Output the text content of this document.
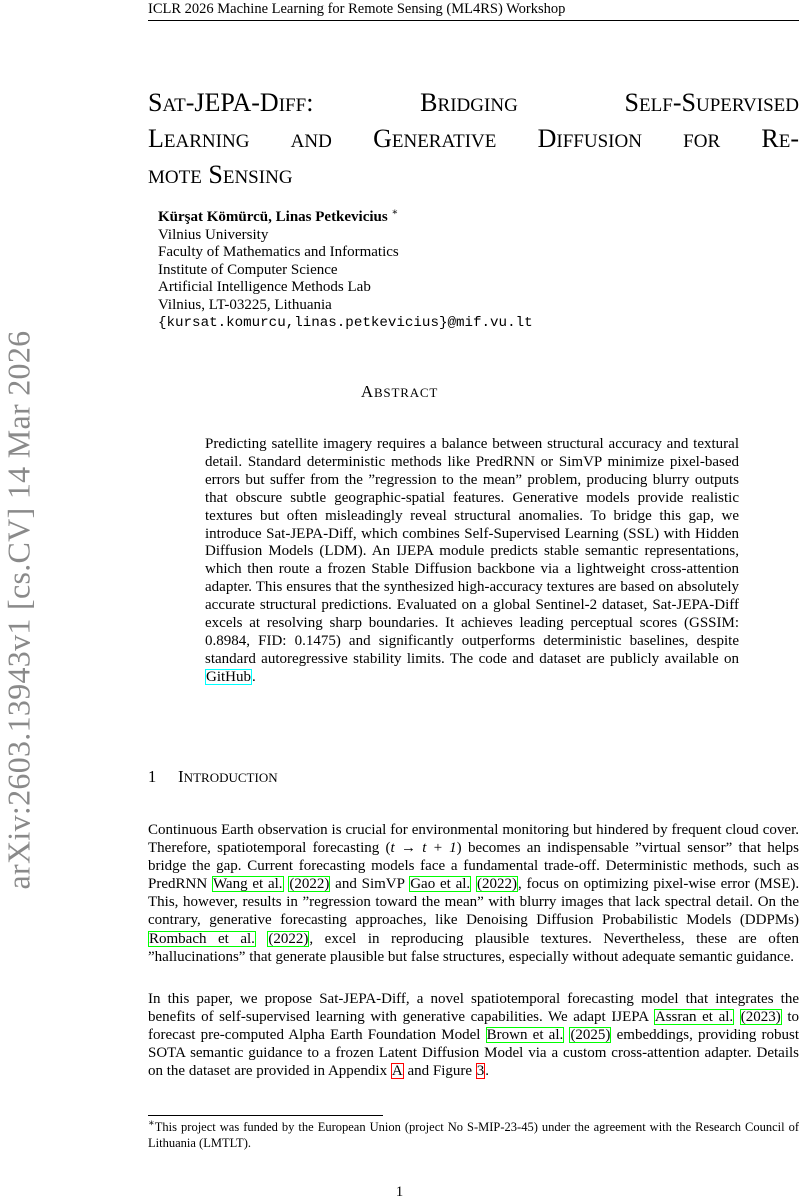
ICLR 2026 Machine Learning for Remote Sensing (ML4RS) Workshop
arXiv:2603.13943v1 [cs.CV] 14 Mar 2026
SAT-JEPA-DIFF:	BRIDGING	SELF-SUPERVISED
LEARNING AND GENERATIVE DIFFUSION FOR RE-
MOTE SENSING
Kürşat Kömürcü, Linas Petkevicius ∗
Vilnius University
Faculty of Mathematics and Informatics
Institute of Computer Science
Artificial Intelligence Methods Lab
Vilnius, LT-03225, Lithuania
{kursat.komurcu,linas.petkevicius}@mif.vu.lt
ABSTRACT
Predicting satellite imagery requires a balance between structural accuracy and textural detail. Standard deterministic methods like PredRNN or SimVP minimize pixel-based errors but suffer from the ”regression to the mean” problem, producing blurry outputs that obscure subtle geographic-spatial features. Generative models provide realistic textures but often misleadingly reveal structural anomalies. To bridge this gap, we introduce Sat-JEPA-Diff, which combines Self-Supervised Learning (SSL) with Hidden Diffusion Models (LDM). An IJEPA module predicts stable semantic representations, which then route a frozen Stable Diffusion backbone via a lightweight cross-attention adapter. This ensures that the synthesized high-accuracy textures are based on absolutely accurate structural predictions. Evaluated on a global Sentinel-2 dataset, Sat-JEPA-Diff excels at resolving sharp boundaries. It achieves leading perceptual scores (GSSIM: 0.8984, FID: 0.1475) and significantly outperforms deterministic baselines, despite standard autoregressive stability limits. The code and dataset are publicly available on GitHub.
1 INTRODUCTION
Continuous Earth observation is crucial for environmental monitoring but hindered by frequent cloud cover. Therefore, spatiotemporal forecasting (t → t + 1) becomes an indispensable ”virtual sensor” that helps bridge the gap. Current forecasting models face a fundamental trade-off. Deterministic methods, such as PredRNN Wang et al. (2022) and SimVP Gao et al. (2022), focus on optimizing pixel-wise error (MSE). This, however, results in ”regression toward the mean” with blurry images that lack spectral detail. On the contrary, generative forecasting approaches, like Denoising Diffusion Probabilistic Models (DDPMs) Rombach et al. (2022), excel in reproducing plausible textures. Nevertheless, these are often ”hallucinations” that generate plausible but false structures, especially without adequate semantic guidance.
In this paper, we propose Sat-JEPA-Diff, a novel spatiotemporal forecasting model that integrates the benefits of self-supervised learning with generative capabilities. We adapt IJEPA Assran et al. (2023) to forecast pre-computed Alpha Earth Foundation Model Brown et al. (2025) embeddings, providing robust SOTA semantic guidance to a frozen Latent Diffusion Model via a custom cross-attention adapter. Details on the dataset are provided in Appendix A and Figure 3.
∗This project was funded by the European Union (project No S-MIP-23-45) under the agreement with the Research Council of Lithuania (LMTLT).
1
